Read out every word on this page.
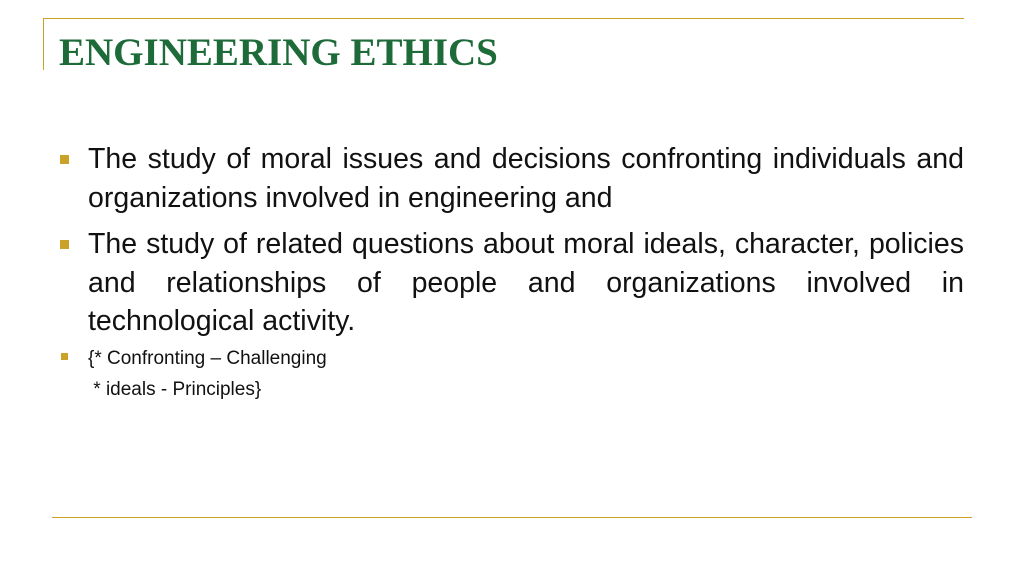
ENGINEERING ETHICS
The study of moral issues and decisions confronting individuals and organizations involved in engineering and
The study of related questions about moral ideals, character, policies and relationships of people and organizations involved in technological activity.
{* Confronting – Challenging
* ideals - Principles}
